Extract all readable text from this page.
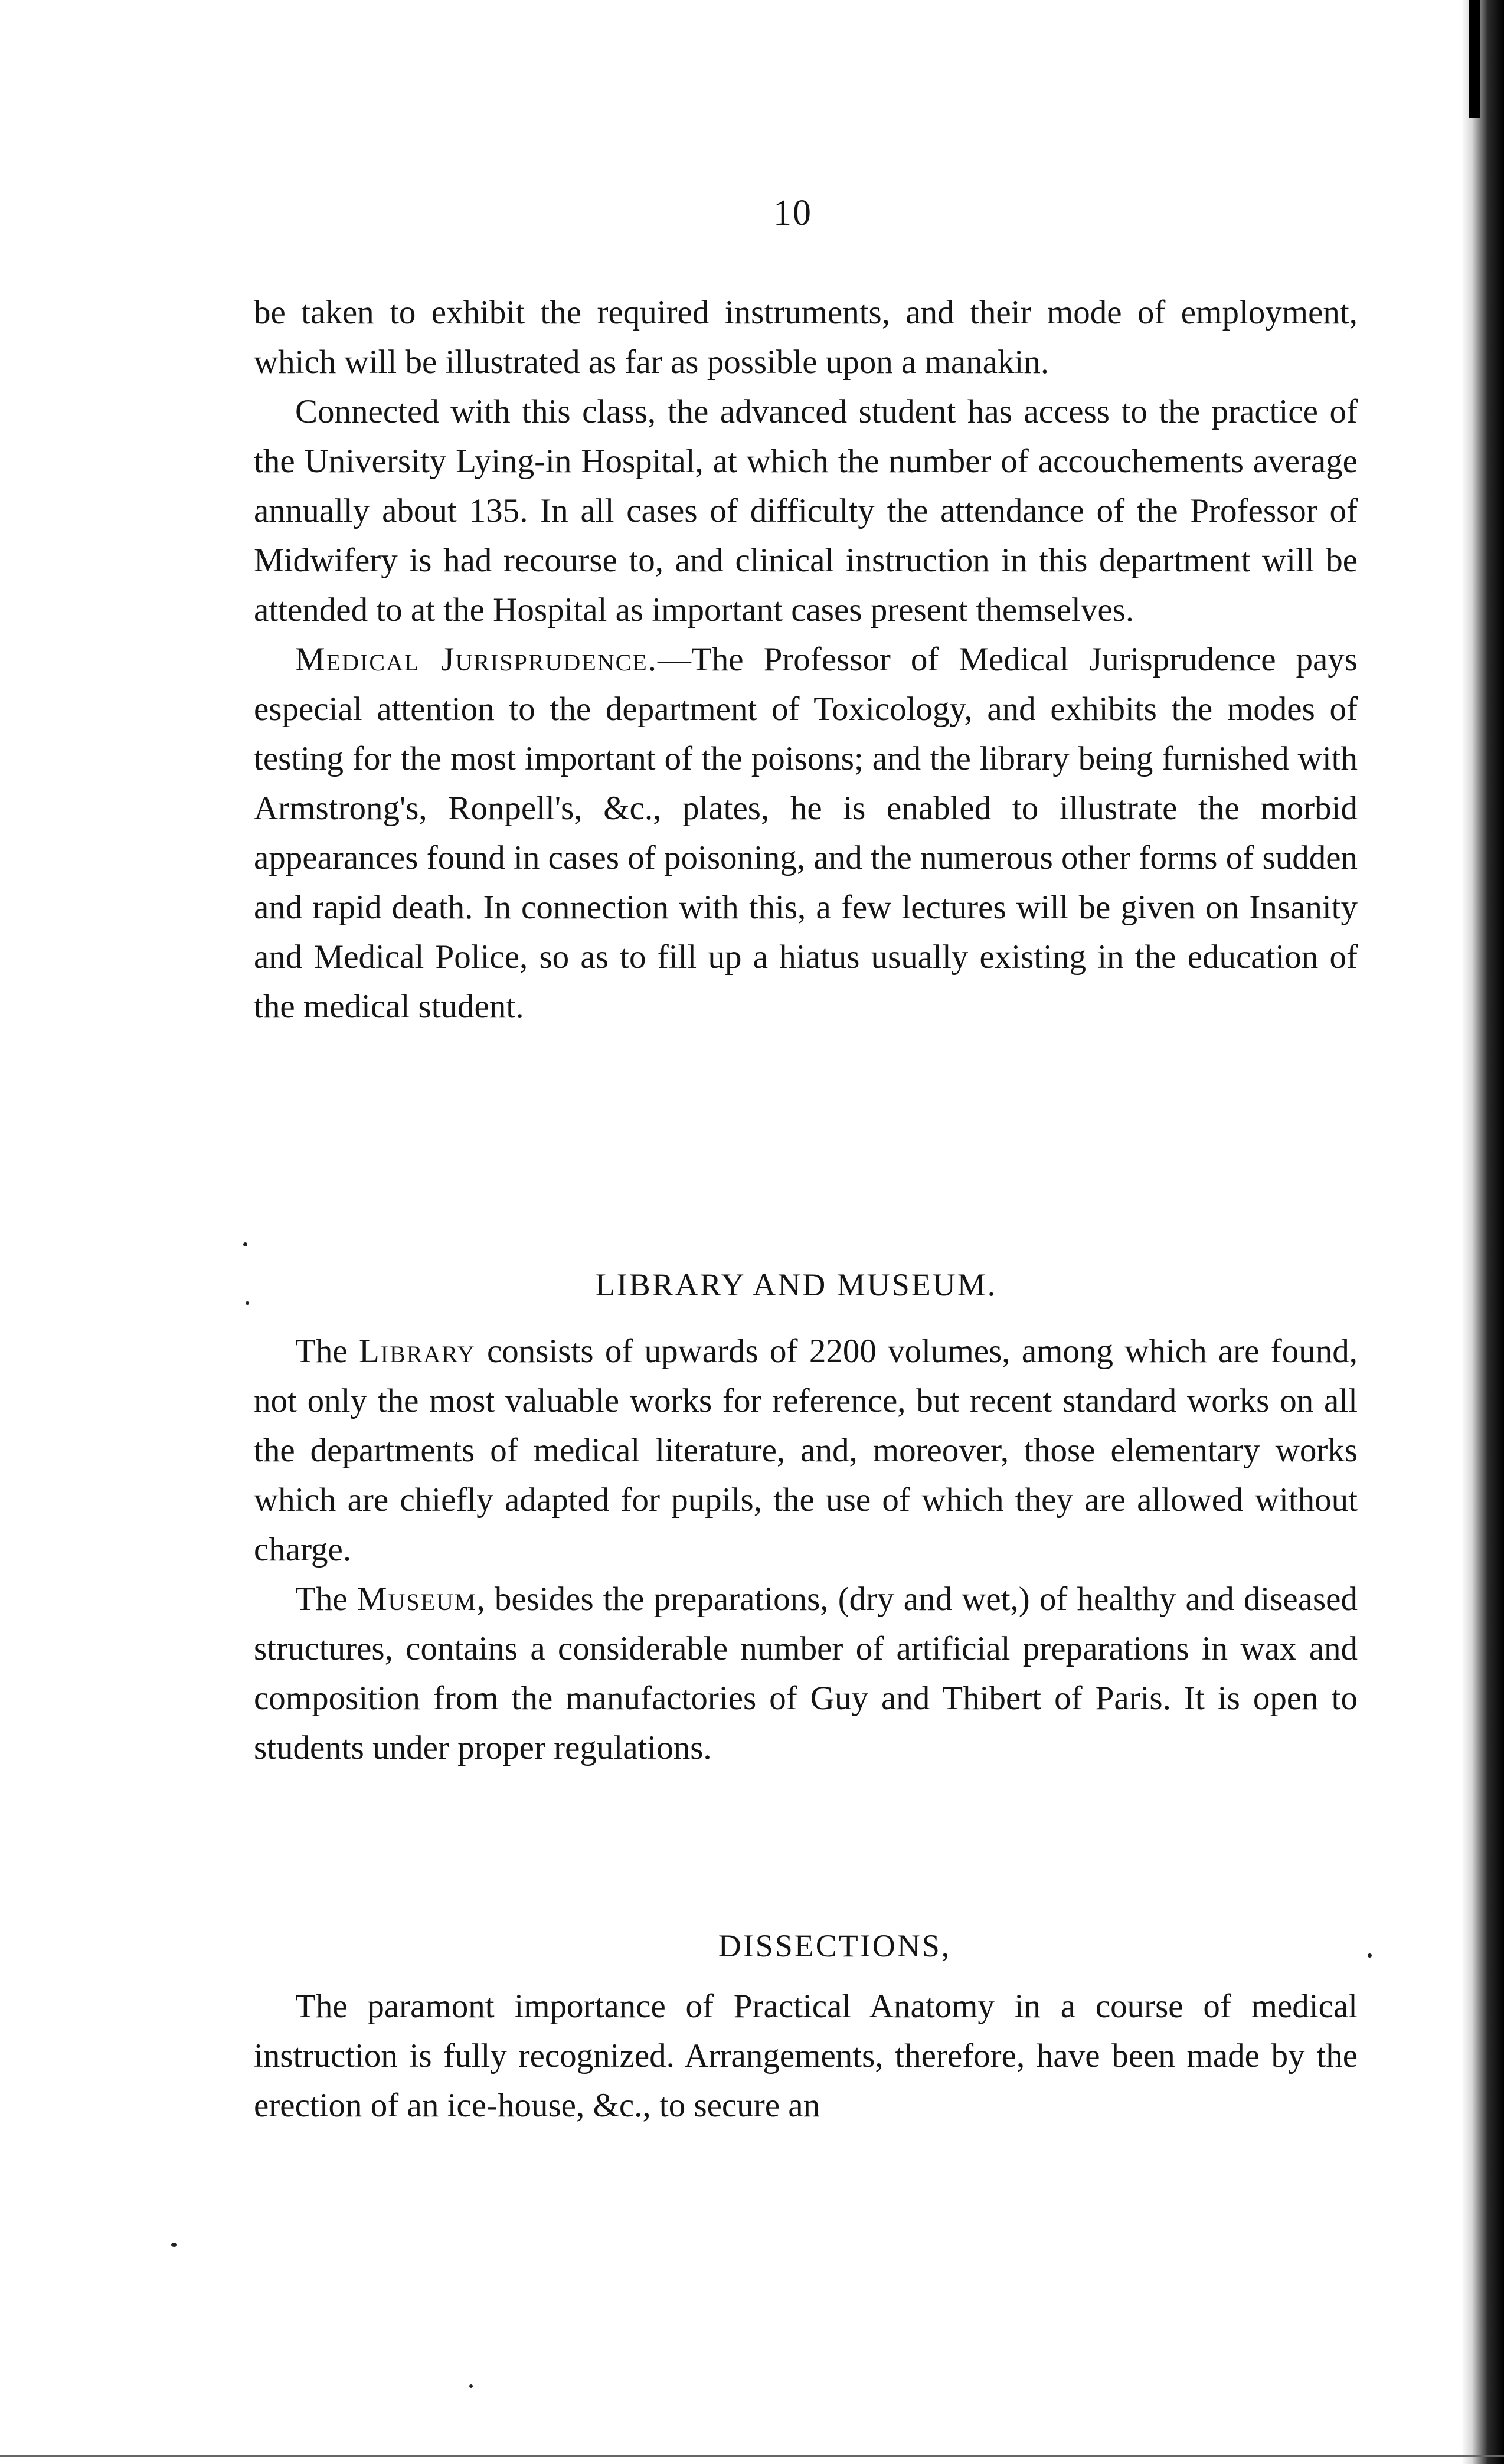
10

be taken to exhibit the required instruments, and their mode of employment, which will be illustrated as far as possible upon a manakin.

Connected with this class, the advanced student has access to the practice of the University Lying-in Hospital, at which the number of accouchements average annually about 135. In all cases of difficulty the attendance of the Professor of Midwifery is had recourse to, and clinical instruction in this department will be attended to at the Hospital as important cases present themselves.

Medical Jurisprudence.—The Professor of Medical Jurisprudence pays especial attention to the department of Toxicology, and exhibits the modes of testing for the most important of the poisons; and the library being furnished with Armstrong's, Ronpell's, &c., plates, he is enabled to illustrate the morbid appearances found in cases of poisoning, and the numerous other forms of sudden and rapid death. In connection with this, a few lectures will be given on Insanity and Medical Police, so as to fill up a hiatus usually existing in the education of the medical student.

LIBRARY AND MUSEUM.

The Library consists of upwards of 2200 volumes, among which are found, not only the most valuable works for reference, but recent standard works on all the departments of medical literature, and, moreover, those elementary works which are chiefly adapted for pupils, the use of which they are allowed without charge.

The Museum, besides the preparations, (dry and wet,) of healthy and diseased structures, contains a considerable number of artificial preparations in wax and composition from the manufactories of Guy and Thibert of Paris. It is open to students under proper regulations.

DISSECTIONS,

The paramont importance of Practical Anatomy in a course of medical instruction is fully recognized. Arrangements, therefore, have been made by the erection of an ice-house, &c., to secure an
